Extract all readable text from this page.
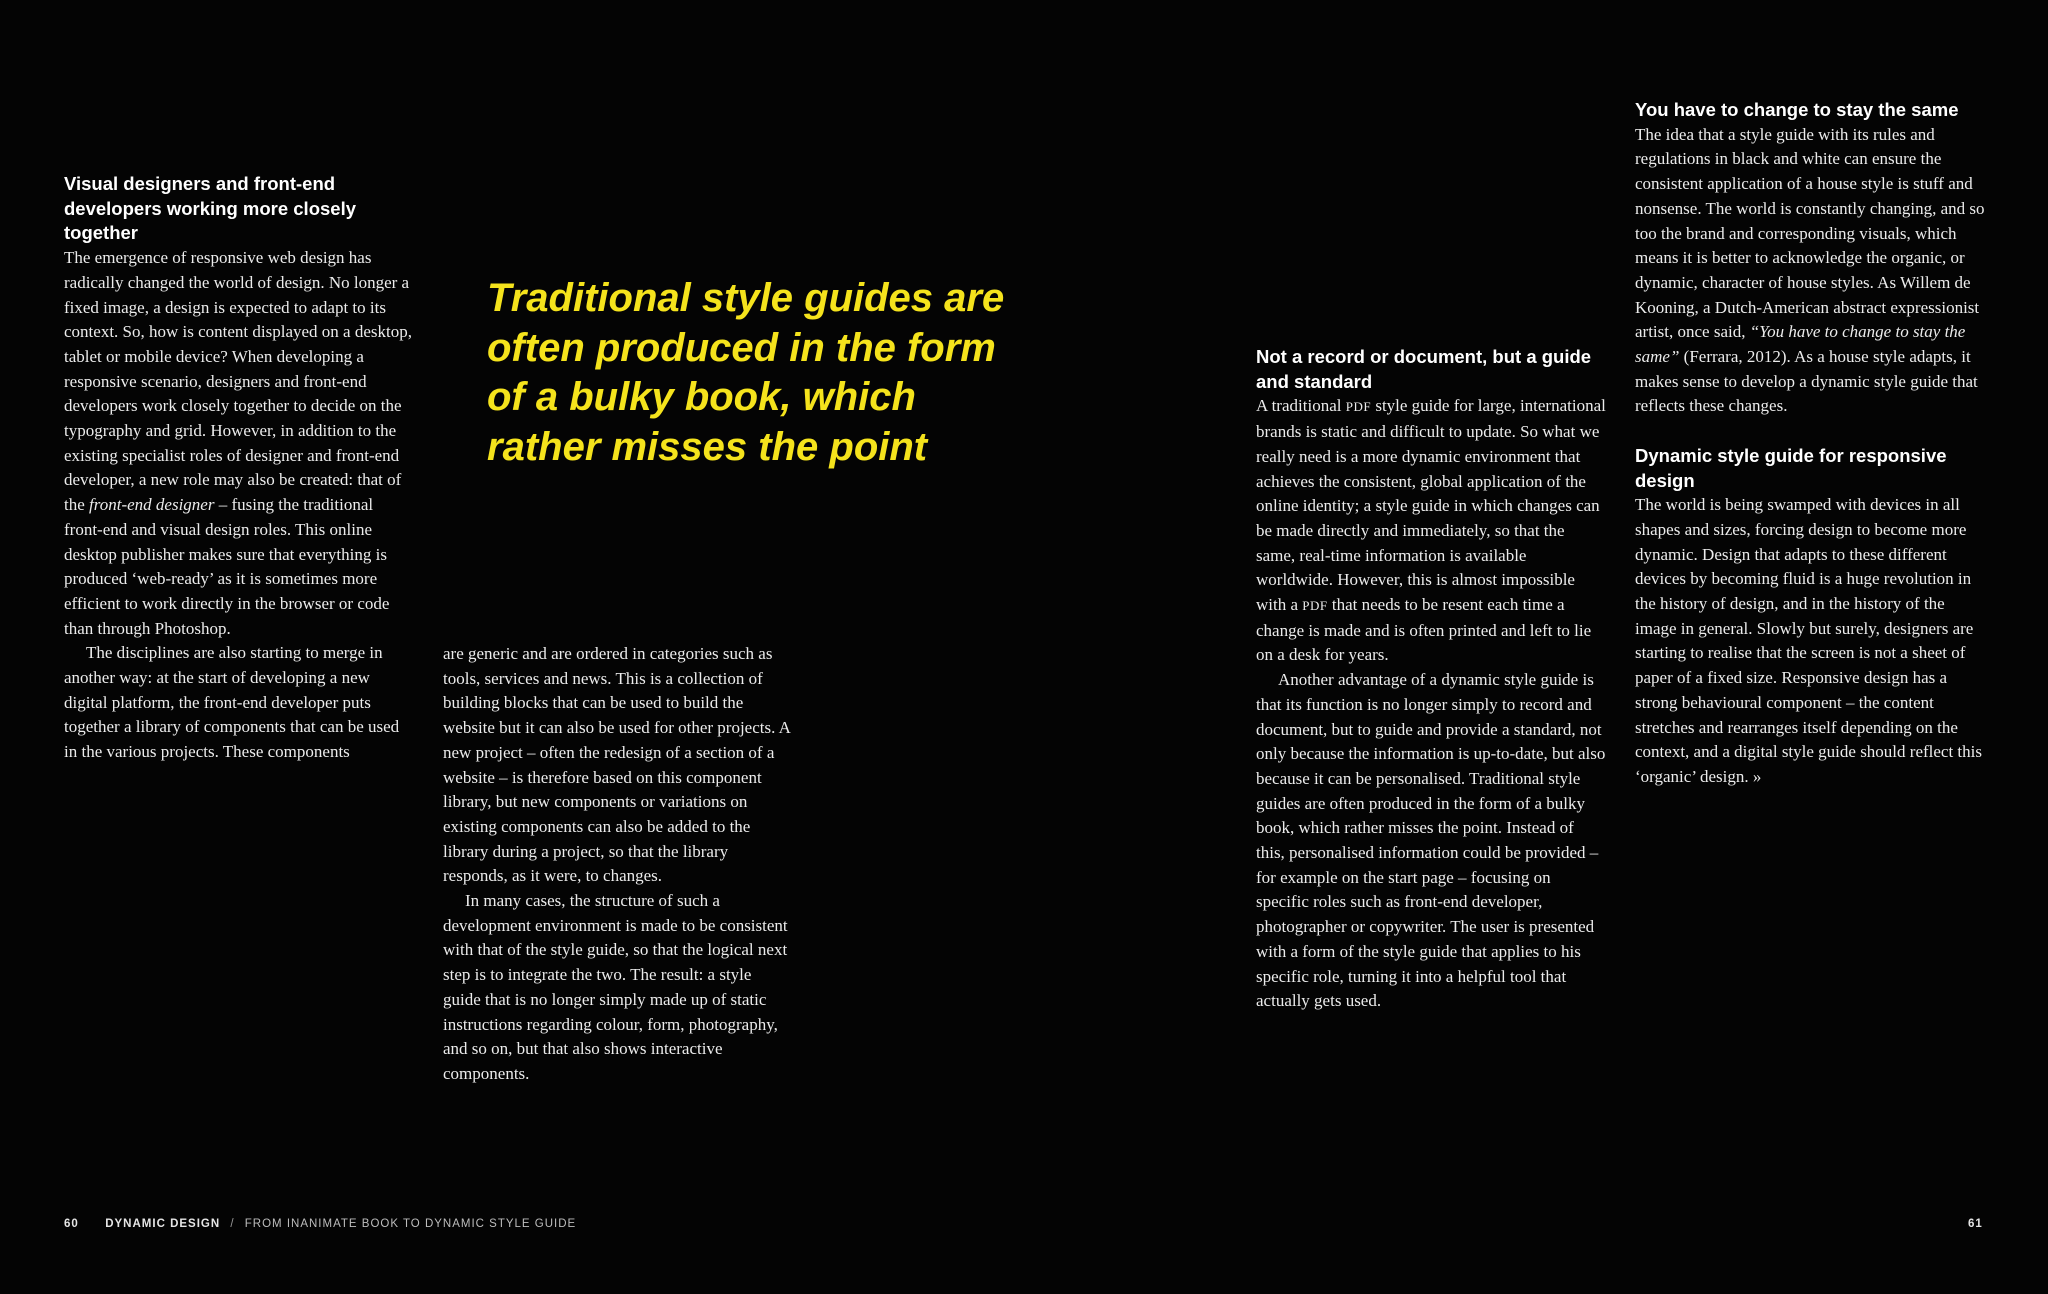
Visual designers and front-end developers working more closely together

The emergence of responsive web design has radically changed the world of design. No longer a fixed image, a design is expected to adapt to its context. So, how is content displayed on a desktop, tablet or mobile device? When developing a responsive scenario, designers and front-end developers work closely together to decide on the typography and grid. However, in addition to the existing specialist roles of designer and front-end developer, a new role may also be created: that of the front-end designer – fusing the traditional front-end and visual design roles. This online desktop publisher makes sure that everything is produced ‘web-ready’ as it is sometimes more efficient to work directly in the browser or code than through Photoshop.

The disciplines are also starting to merge in another way: at the start of developing a new digital platform, the front-end developer puts together a library of components that can be used in the various projects. These components

Traditional style guides are often produced in the form of a bulky book, which rather misses the point

are generic and are ordered in categories such as tools, services and news. This is a collection of building blocks that can be used to build the website but it can also be used for other projects. A new project – often the redesign of a section of a website – is therefore based on this component library, but new components or variations on existing components can also be added to the library during a project, so that the library responds, as it were, to changes.

In many cases, the structure of such a development environment is made to be consistent with that of the style guide, so that the logical next step is to integrate the two. The result: a style guide that is no longer simply made up of static instructions regarding colour, form, photography, and so on, but that also shows interactive components.

Not a record or document, but a guide and standard

A traditional PDF style guide for large, international brands is static and difficult to update. So what we really need is a more dynamic environment that achieves the consistent, global application of the online identity; a style guide in which changes can be made directly and immediately, so that the same, real-time information is available worldwide. However, this is almost impossible with a PDF that needs to be resent each time a change is made and is often printed and left to lie on a desk for years.

Another advantage of a dynamic style guide is that its function is no longer simply to record and document, but to guide and provide a standard, not only because the information is up-to-date, but also because it can be personalised. Traditional style guides are often produced in the form of a bulky book, which rather misses the point. Instead of this, personalised information could be provided – for example on the start page – focusing on specific roles such as front-end developer, photographer or copywriter. The user is presented with a form of the style guide that applies to his specific role, turning it into a helpful tool that actually gets used.

You have to change to stay the same

The idea that a style guide with its rules and regulations in black and white can ensure the consistent application of a house style is stuff and nonsense. The world is constantly changing, and so too the brand and corresponding visuals, which means it is better to acknowledge the organic, or dynamic, character of house styles. As Willem de Kooning, a Dutch-American abstract expressionist artist, once said, “You have to change to stay the same” (Ferrara, 2012). As a house style adapts, it makes sense to develop a dynamic style guide that reflects these changes.

Dynamic style guide for responsive design

The world is being swamped with devices in all shapes and sizes, forcing design to become more dynamic. Design that adapts to these different devices by becoming fluid is a huge revolution in the history of design, and in the history of the image in general. Slowly but surely, designers are starting to realise that the screen is not a sheet of paper of a fixed size. Responsive design has a strong behavioural component – the content stretches and rearranges itself depending on the context, and a digital style guide should reflect this ‘organic’ design. »

60 DYNAMIC DESIGN / FROM INANIMATE BOOK TO DYNAMIC STYLE GUIDE	61
